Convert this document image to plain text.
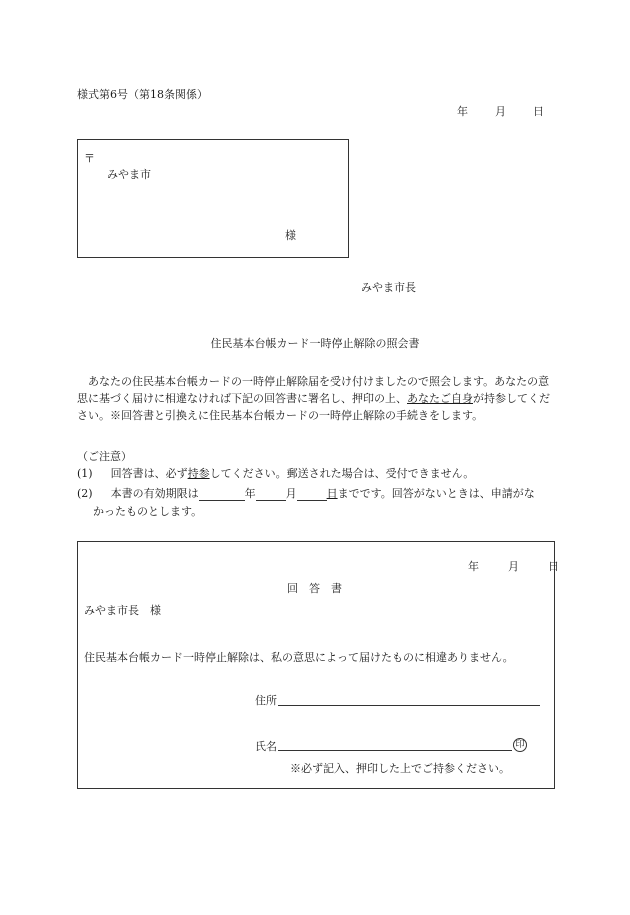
様式第6号（第18条関係）
年 月 日
〒
みやま市
様
みやま市長
住民基本台帳カード一時停止解除の照会書
あなたの住民基本台帳カードの一時停止解除届を受け付けましたので照会します。あなたの意思に基づく届けに相違なければ下記の回答書に署名し、押印の上、あなたご自身が持参してください。※回答書と引換えに住民基本台帳カードの一時停止解除の手続きをします。
（ご注意）
(1) 回答書は、必ず持参してください。郵送された場合は、受付できません。
(2) 本書の有効期限は	年	月	日までです。回答がないときは、申請がな
かったものとします。
年	月	日
回　答　書
みやま市長　様
住民基本台帳カード一時停止解除は、私の意思によって届けたものに相違ありません。
住所
氏名	印
※必ず記入、押印した上でご持参ください。
